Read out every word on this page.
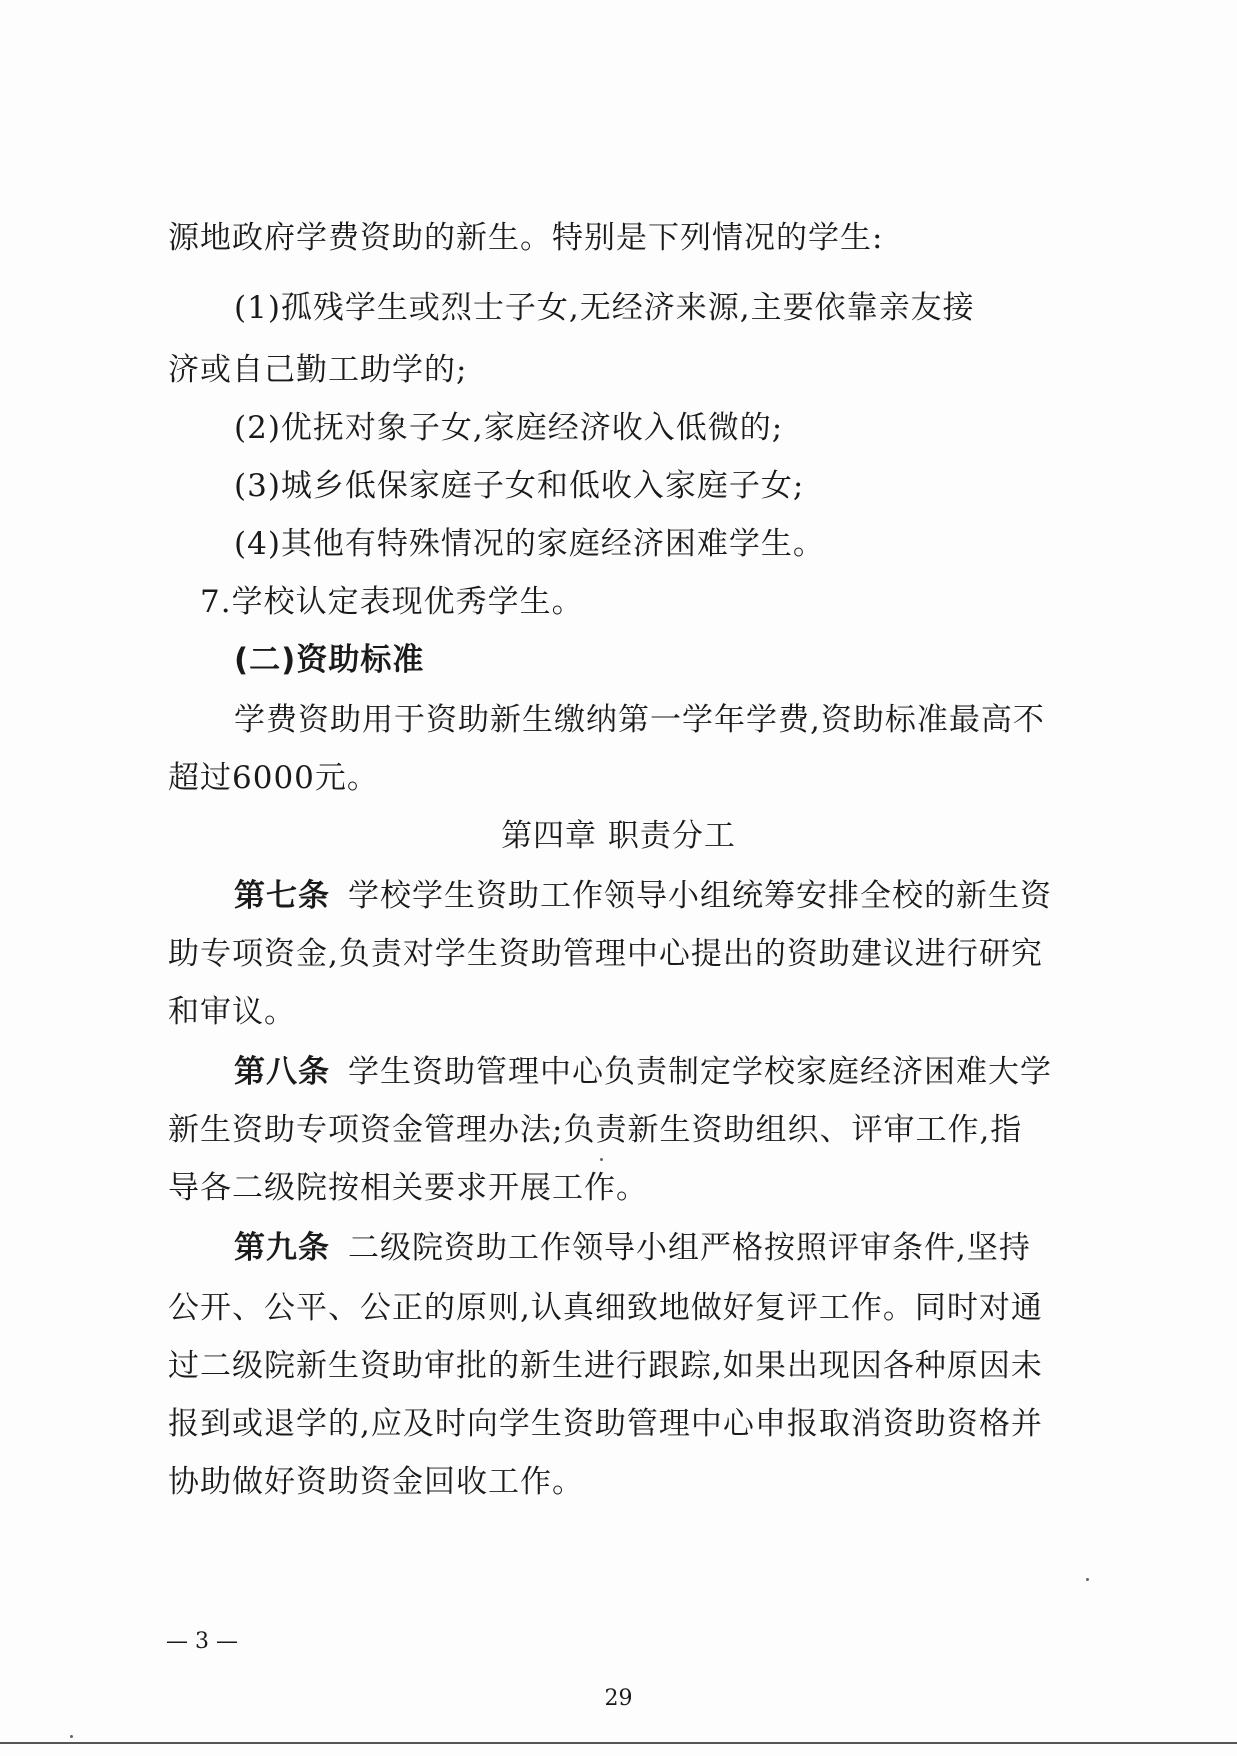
源地政府学费资助的新生。特别是下列情况的学生:
(1)孤残学生或烈士子女,无经济来源,主要依靠亲友接
济或自己勤工助学的;
(2)优抚对象子女,家庭经济收入低微的;
(3)城乡低保家庭子女和低收入家庭子女;
(4)其他有特殊情况的家庭经济困难学生。
7.学校认定表现优秀学生。
(二)资助标准
学费资助用于资助新生缴纳第一学年学费,资助标准最高不
超过6000元。
第四章 职责分工
第七条 学校学生资助工作领导小组统筹安排全校的新生资
助专项资金,负责对学生资助管理中心提出的资助建议进行研究
和审议。
第八条 学生资助管理中心负责制定学校家庭经济困难大学
新生资助专项资金管理办法;负责新生资助组织、评审工作,指
导各二级院按相关要求开展工作。
第九条 二级院资助工作领导小组严格按照评审条件,坚持
公开、公平、公正的原则,认真细致地做好复评工作。同时对通
过二级院新生资助审批的新生进行跟踪,如果出现因各种原因未
报到或退学的,应及时向学生资助管理中心申报取消资助资格并
协助做好资助资金回收工作。
— 3 —
29
